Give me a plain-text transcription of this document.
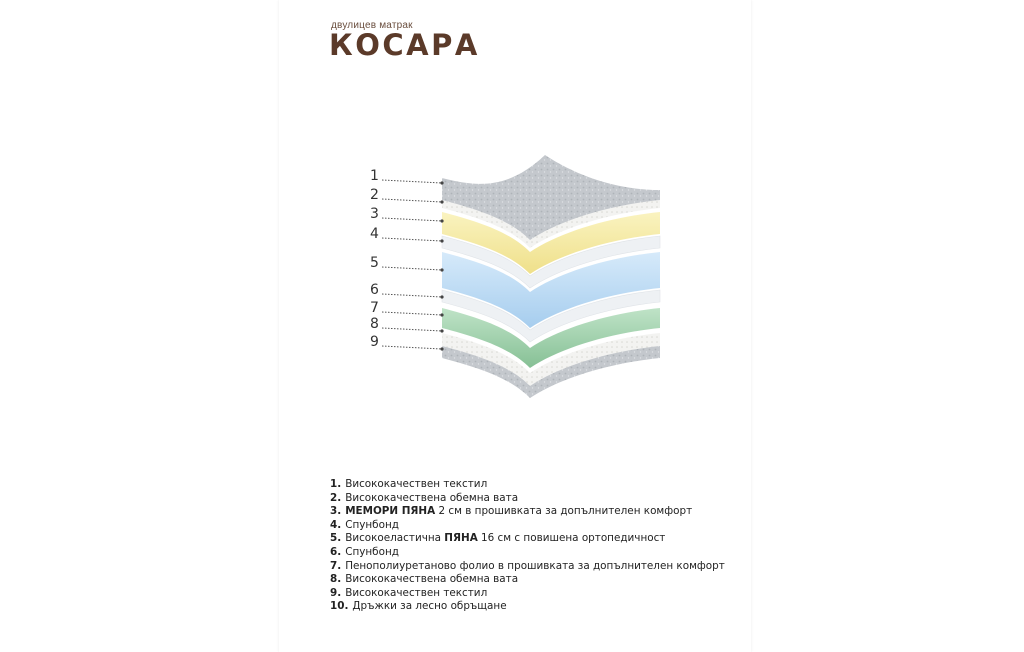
двулицев матрак
КОСАРА
1
2
3
4
5
6
7
8
9
1. Висококачествен текстил
2. Висококачествена обемна вата
3. МЕМОРИ ПЯНА 2 см в прошивката за допълнителен комфорт
4. Спунбонд
5. Високоеластична ПЯНА 16 см с повишена ортопедичност
6. Спунбонд
7. Пенополиуретаново фолио в прошивката за допълнителен комфорт
8. Висококачествена обемна вата
9. Висококачествен текстил
10. Дръжки за лесно обръщане
